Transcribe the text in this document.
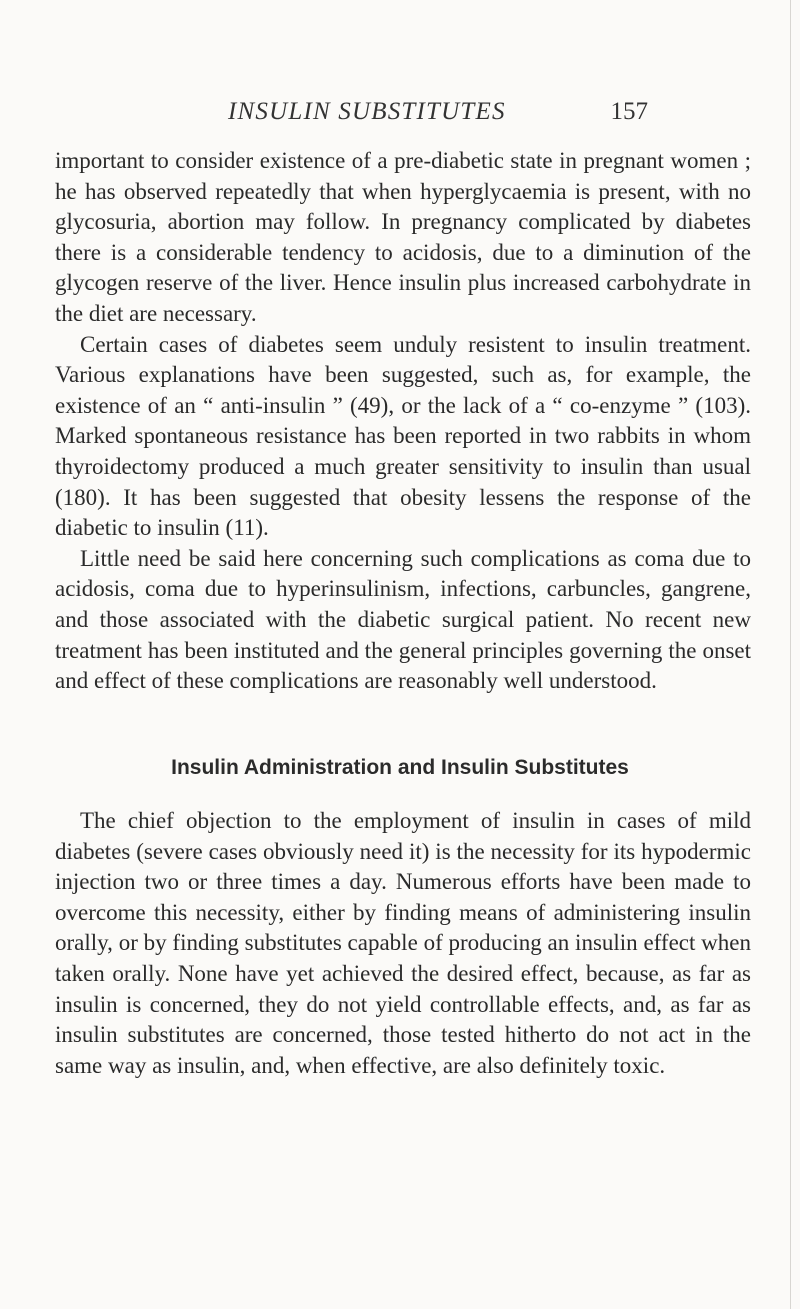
INSULIN SUBSTITUTES	157

important to consider existence of a pre-diabetic state in pregnant women ; he has observed repeatedly that when hyperglycaemia is present, with no glycosuria, abortion may follow. In pregnancy complicated by diabetes there is a considerable tendency to acidosis, due to a diminution of the glycogen reserve of the liver. Hence insulin plus increased carbohydrate in the diet are necessary.

Certain cases of diabetes seem unduly resistent to insulin treatment. Various explanations have been suggested, such as, for example, the existence of an “ anti-insulin ” (49), or the lack of a “ co-enzyme ” (103). Marked spontaneous resistance has been reported in two rabbits in whom thyroidectomy produced a much greater sensitivity to insulin than usual (180). It has been suggested that obesity lessens the response of the diabetic to insulin (11).

Little need be said here concerning such complications as coma due to acidosis, coma due to hyperinsulinism, infections, carbuncles, gangrene, and those associated with the diabetic surgical patient. No recent new treatment has been instituted and the general principles governing the onset and effect of these complications are reasonably well understood.

Insulin Administration and Insulin Substitutes

The chief objection to the employment of insulin in cases of mild diabetes (severe cases obviously need it) is the necessity for its hypodermic injection two or three times a day. Numerous efforts have been made to overcome this necessity, either by finding means of administering insulin orally, or by finding substitutes capable of producing an insulin effect when taken orally. None have yet achieved the desired effect, because, as far as insulin is concerned, they do not yield controllable effects, and, as far as insulin substitutes are concerned, those tested hitherto do not act in the same way as insulin, and, when effective, are also definitely toxic.
